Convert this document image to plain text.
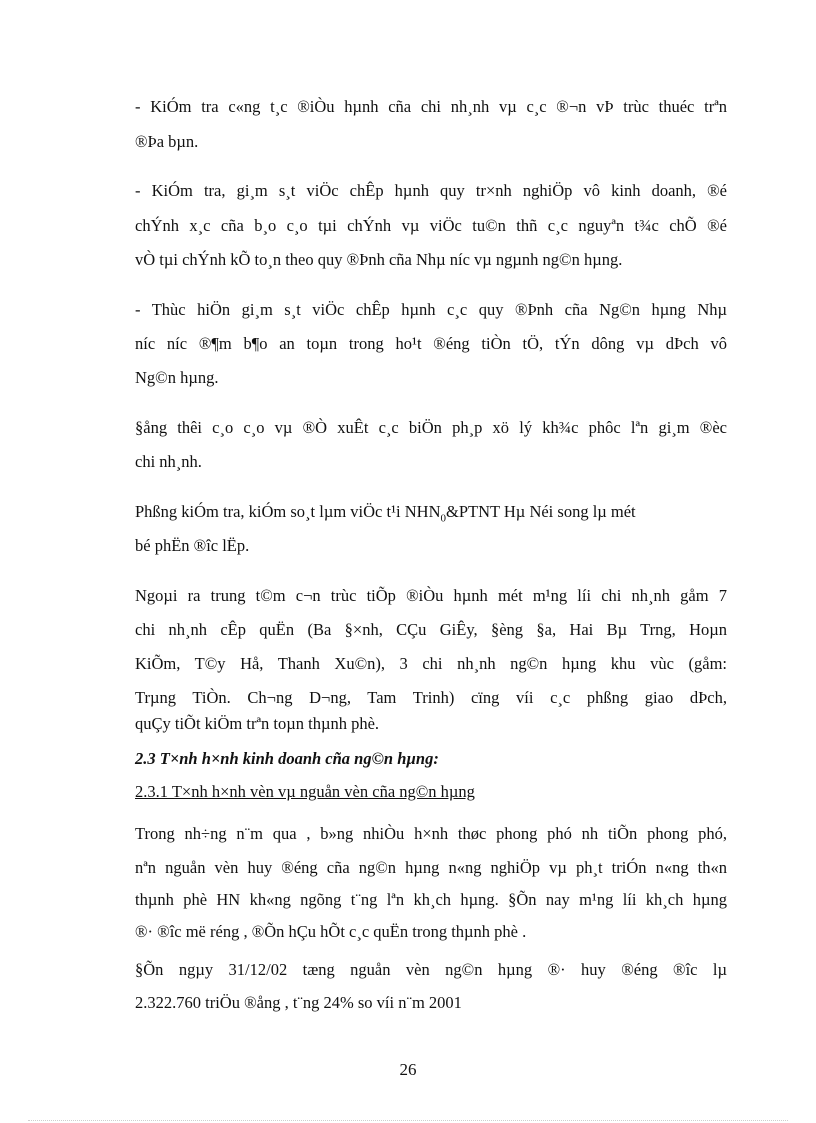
- KiÓm tra c«ng t¸c ®iÒu hµnh cña chi nh¸nh vµ c¸c ®¬n vÞ trùc thuéc trªn
®Þa bµn.
- KiÓm tra, gi¸m s¸t viÖc chÊp hµnh quy tr×nh nghiÖp vô kinh doanh, ®é
chÝnh x¸c cña b¸o c¸o tµi chÝnh vµ viÖc tu©n thñ c¸c nguyªn t¾c chÕ ®é
vÒ tµi chÝnh kÕ to¸n theo quy ®Þnh cña Nhµ níc vµ ngµnh ng©n hµng.
- Thùc hiÖn gi¸m s¸t viÖc chÊp hµnh c¸c quy ®Þnh cña Ng©n hµng Nhµ
níc níc ®¶m b¶o an toµn trong ho¹t ®éng tiÒn tÖ, tÝn dông vµ dÞch vô
Ng©n hµng.
§ång thêi c¸o c¸o vµ ®Ò xuÊt c¸c biÖn ph¸p xö lý kh¾c phôc lªn gi¸m ®èc
chi nh¸nh.
Phßng kiÓm tra, kiÓm so¸t lµm viÖc t¹i $NHN_0\&PTNT$ Hµ Néi song lµ mét
bé phËn ®îc lËp.
Ngoµi ra trung t©m c¬n trùc tiÕp ®iÒu hµnh mét m¹ng líi chi nh¸nh gåm 7
chi nh¸nh cÊp quËn (Ba §×nh, CÇu GiÊy, §èng §a, Hai Bµ Trng, Hoµn
KiÕm, T©y Hå, Thanh Xu©n), 3 chi nh¸nh ng©n hµng khu vùc (gåm:
Trµng TiÒn. Ch¬ng D¬ng, Tam Trinh) cïng víi c¸c phßng giao dÞch,
quÇy tiÕt kiÖm trªn toµn thµnh phè.
2.3 T×nh h×nh kinh doanh cña ng©n hµng:
2.3.1 T×nh h×nh vèn vµ nguån vèn cña ng©n hµng
Trong nh÷ng n¨m qua , b»ng nhiÒu h×nh thøc phong phó nh tiÕn phong phó,
nªn nguån vèn huy ®éng cña ng©n hµng n«ng nghiÖp vµ ph¸t triÓn n«ng th«n
thµnh phè HN kh«ng ngõng t¨ng lªn kh¸ch hµng. §Õn nay m¹ng líi kh¸ch hµng
®· ®îc më réng , ®Õn hÇu hÕt c¸c quËn trong thµnh phè .
§Õn ngµy 31/12/02 tæng nguån vèn ng©n hµng ®· huy ®éng ®îc lµ
2.322.760 triÖu ®ång , t¨ng 24% so víi n¨m 2001
26
